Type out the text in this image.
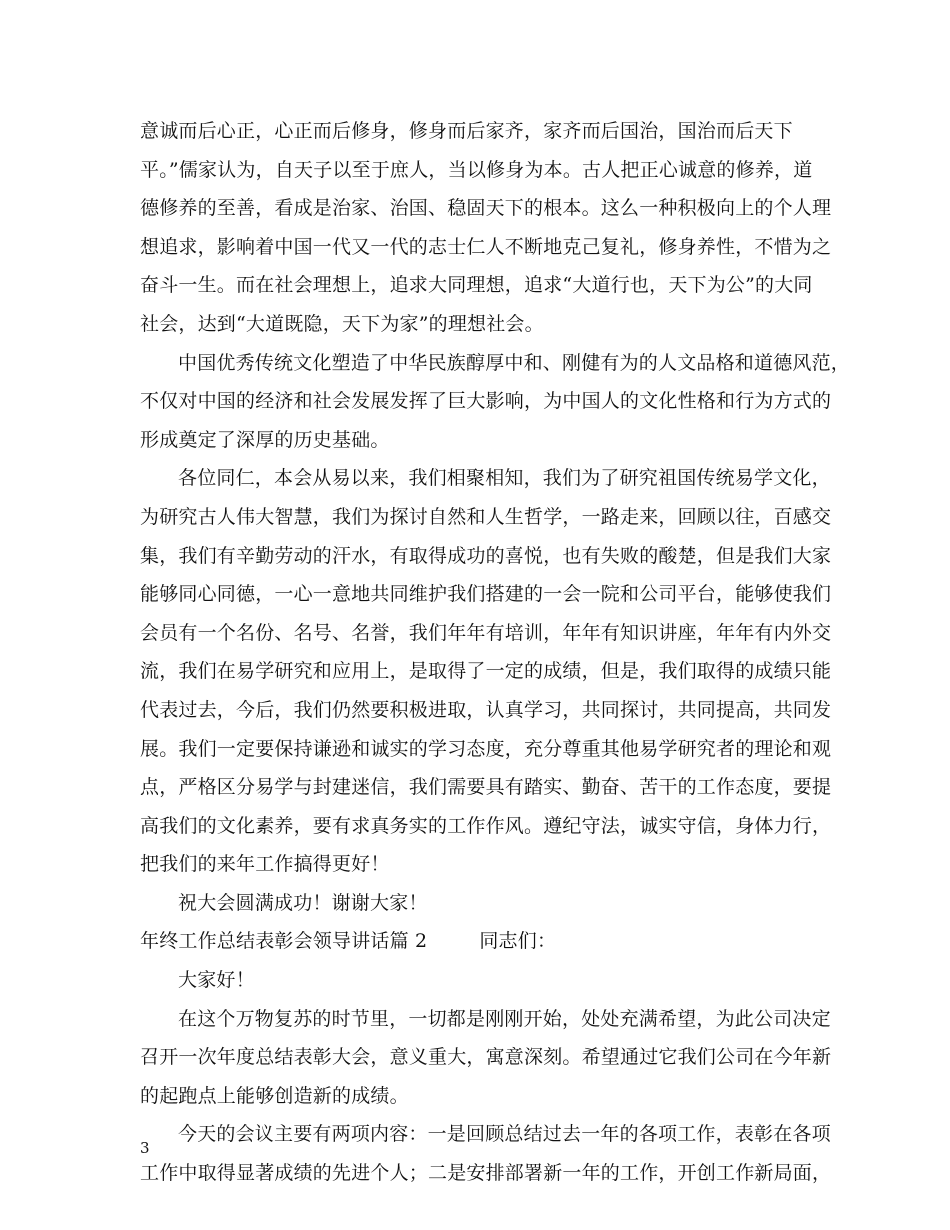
意诚而后心正，心正而后修身，修身而后家齐，家齐而后国治，国治而后天下
平。”儒家认为，自天子以至于庶人，当以修身为本。古人把正心诚意的修养，道
德修养的至善，看成是治家、治国、稳固天下的根本。这么一种积极向上的个人理
想追求，影响着中国一代又一代的志士仁人不断地克己复礼，修身养性，不惜为之
奋斗一生。而在社会理想上，追求大同理想，追求“大道行也，天下为公”的大同
社会，达到“大道既隐，天下为家”的理想社会。
中国优秀传统文化塑造了中华民族醇厚中和、刚健有为的人文品格和道德风范，
不仅对中国的经济和社会发展发挥了巨大影响，为中国人的文化性格和行为方式的
形成奠定了深厚的历史基础。
各位同仁，本会从易以来，我们相聚相知，我们为了研究祖国传统易学文化，
为研究古人伟大智慧，我们为探讨自然和人生哲学，一路走来，回顾以往，百感交
集，我们有辛勤劳动的汗水，有取得成功的喜悦，也有失败的酸楚，但是我们大家
能够同心同德，一心一意地共同维护我们搭建的一会一院和公司平台，能够使我们
会员有一个名份、名号、名誉，我们年年有培训，年年有知识讲座，年年有内外交
流，我们在易学研究和应用上，是取得了一定的成绩，但是，我们取得的成绩只能
代表过去，今后，我们仍然要积极进取，认真学习，共同探讨，共同提高，共同发
展。我们一定要保持谦逊和诚实的学习态度，充分尊重其他易学研究者的理论和观
点，严格区分易学与封建迷信，我们需要具有踏实、勤奋、苦干的工作态度，要提
高我们的文化素养，要有求真务实的工作作风。遵纪守法，诚实守信，身体力行，
把我们的来年工作搞得更好！
祝大会圆满成功！谢谢大家！
年终工作总结表彰会领导讲话篇 2	同志们：
大家好！
在这个万物复苏的时节里，一切都是刚刚开始，处处充满希望，为此公司决定
召开一次年度总结表彰大会，意义重大，寓意深刻。希望通过它我们公司在今年新
的起跑点上能够创造新的成绩。
今天的会议主要有两项内容：一是回顾总结过去一年的各项工作，表彰在各项
工作中取得显著成绩的先进个人；二是安排部署新一年的工作，开创工作新局面，
3
